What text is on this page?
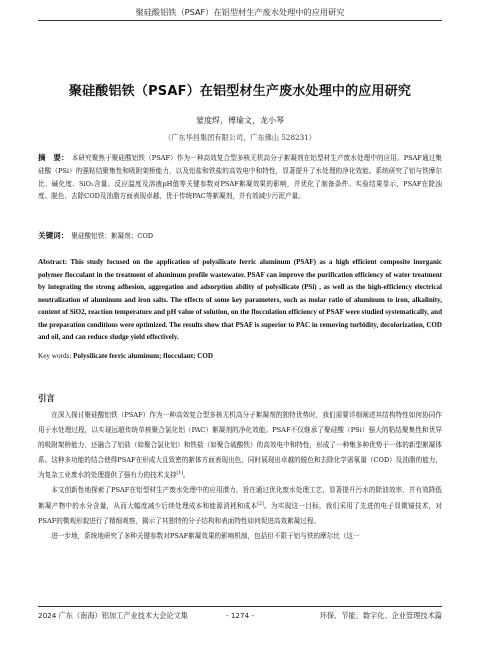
聚硅酸铝铁（PSAF）在铝型材生产废水处理中的应用研究
聚硅酸铝铁（PSAF）在铝型材生产废水处理中的应用研究
蒙度焊，傅瑜文，龙小琴
（广东华昌集团有限公司，广东佛山 528231）
摘　要： 本研究聚焦于聚硅酸铝铁（PSAF）作为一种高效复合型多核无机高分子絮凝剂在铝型材生产废水处理中的应用。PSAF通过集硅酸（PSi）的强粘结聚集性和吸附架桥能力，以及铝盐和铁盐的高效电中和特性，显著提升了水处理的净化效能。系统研究了铝与铁摩尔比、碱化度、SiO₂含量、反应温度及溶液pH值等关键参数对PSAF絮凝效果的影响，并优化了制备条件。实验结果显示，PSAF在除浊度、脱色、去除COD及油脂方面表现卓越，优于传统PAC等絮凝剂，并有效减少污泥产量。
关键词： 聚硅酸铝铁；絮凝剂；COD
Abstract: This study focused on the application of polysilicate ferric aluminum (PSAF) as a high efficient composite inorganic polymer flocculant in the treatment of aluminum profile wastewater. PSAF can improve the purification efficiency of water treatment by integrating the strong adhesion, aggregation and adsorption ability of polysilicate (PSi) , as well as the high-efficiency electrical neutralization of aluminum and iron salts. The effects of some key parameters, such as molar ratio of aluminum to iron, alkalinity, content of SiO2, reaction temperature and pH value of solution, on the flocculation efficiency of PSAF were studied systematically, and the preparation conditions were optimized. The results show that PSAF is superior to PAC in removing turbidity, decolorization, COD and oil, and can reduce sludge yield effectively.
Key words: Polysilicate ferric aluminum; flocculant; COD
引言

在深入探讨聚硅酸铝铁（PSAF）作为一种高效复合型多核无机高分子絮凝剂的独特优势时，我们需要详细阐述其结构特性如何协同作用于水处理过程，以实现远超传统单核聚合氯化铝（PAC）絮凝剂的净化效能。PSAF不仅继承了聚硅酸（PSi）强大的粘结聚集性和优异的吸附架桥能力，还融合了铝盐（如聚合氯化铝）和铁盐（如聚合硫酸铁）的高效电中和特性，形成了一种集多种优势于一体的新型絮凝体系。这种多功能的结合使得PSAF在形成大且致密的絮体方面表现出色，同时展现出卓越的脱色和去除化学需氧量（COD）及油脂的能力，为复杂工业废水的处理提供了强有力的技术支持[1]。

本文创新性地探索了PSAF在铝型材生产废水处理中的应用潜力，旨在通过优化废水处理工艺，显著提升污水的除油效率，并有效降低絮凝产物中的水分含量，从而大幅度减少后续处理成本和能源消耗和成本[2]。为实现这一目标，我们采用了先进的电子显微镜技术，对PSAF的微观形貌进行了精细观察，揭示了其独特的分子结构和表面特性如何促进高效絮凝过程。

进一步地，系统地研究了多种关键参数对PSAF絮凝效果的影响机制，包括但不限于铝与铁的摩尔比（这一

2024 广东（南海）铝加工产业技术大会论文集	- 1274 -	环保、节能、数字化、企业管理技术篇
